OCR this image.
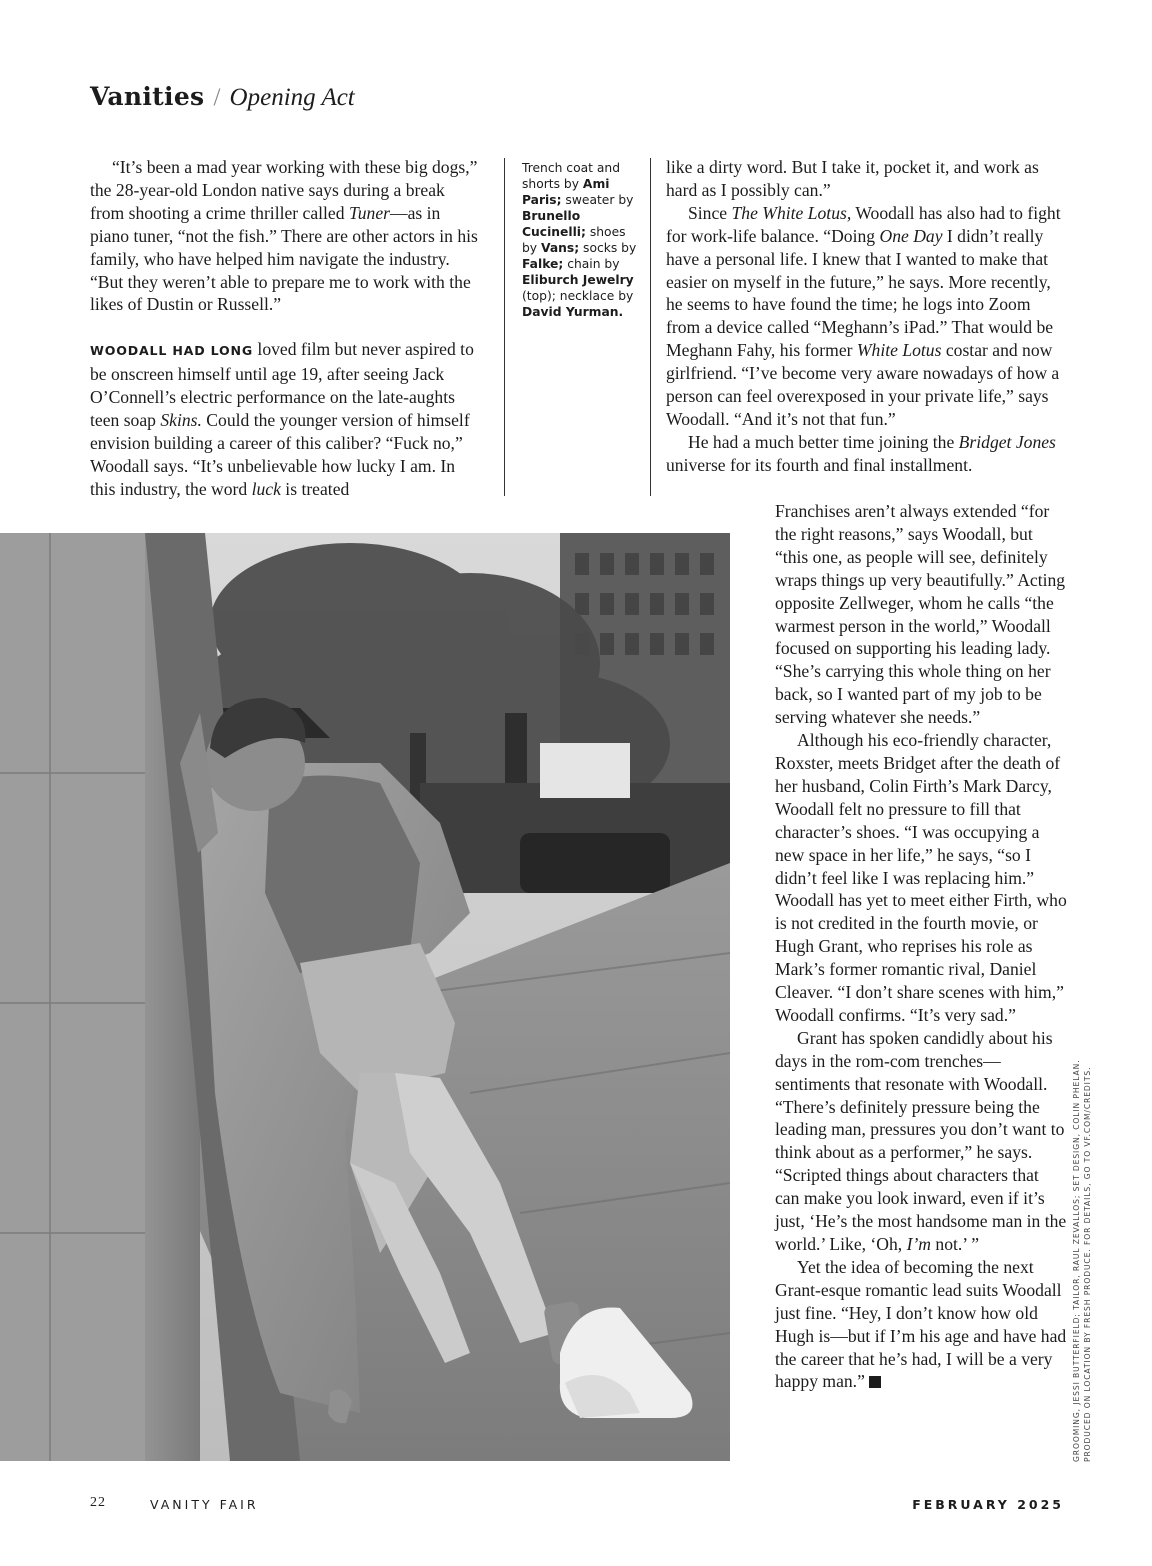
Vanities / Opening Act

“It’s been a mad year working with these big dogs,” the 28-year-old London native says during a break from shooting a crime thriller called Tuner—as in piano tuner, “not the fish.” There are other actors in his family, who have helped him navigate the industry. “But they weren’t able to prepare me to work with the likes of Dustin or Russell.”

WOODALL HAD LONG loved film but never aspired to be onscreen himself until age 19, after seeing Jack O’Connell’s electric performance on the late-aughts teen soap Skins. Could the younger version of himself envision building a career of this caliber? “Fuck no,” Woodall says. “It’s unbelievable how lucky I am. In this industry, the word luck is treated

Trench coat and shorts by Ami Paris; sweater by Brunello Cucinelli; shoes by Vans; socks by Falke; chain by Eliburch Jewelry (top); necklace by David Yurman.

like a dirty word. But I take it, pocket it, and work as hard as I possibly can.”

Since The White Lotus, Woodall has also had to fight for work-life balance. “Doing One Day I didn’t really have a personal life. I knew that I wanted to make that easier on myself in the future,” he says. More recently, he seems to have found the time; he logs into Zoom from a device called “Meghann’s iPad.” That would be Meghann Fahy, his former White Lotus costar and now girlfriend. “I’ve become very aware nowadays of how a person can feel overexposed in your private life,” says Woodall. “And it’s not that fun.”

He had a much better time joining the Bridget Jones universe for its fourth and final installment.

Franchises aren’t always extended “for the right reasons,” says Woodall, but “this one, as people will see, definitely wraps things up very beautifully.” Acting opposite Zellweger, whom he calls “the warmest person in the world,” Woodall focused on supporting his leading lady. “She’s carrying this whole thing on her back, so I wanted part of my job to be serving whatever she needs.”

Although his eco-friendly character, Roxster, meets Bridget after the death of her husband, Colin Firth’s Mark Darcy, Woodall felt no pressure to fill that character’s shoes. “I was occupying a new space in her life,” he says, “so I didn’t feel like I was replacing him.” Woodall has yet to meet either Firth, who is not credited in the fourth movie, or Hugh Grant, who reprises his role as Mark’s former romantic rival, Daniel Cleaver. “I don’t share scenes with him,” Woodall confirms. “It’s very sad.”

Grant has spoken candidly about his days in the rom-com trenches—sentiments that resonate with Woodall. “There’s definitely pressure being the leading man, pressures you don’t want to think about as a performer,” he says. “Scripted things about characters that can make you look inward, even if it’s just, ‘He’s the most handsome man in the world.’ Like, ‘Oh, I’m not.’ ”

Yet the idea of becoming the next Grant-esque romantic lead suits Woodall just fine. “Hey, I don’t know how old Hugh is—but if I’m his age and have had the career that he’s had, I will be a very happy man.”	GROOMING, JESSI BUTTERFIELD; TAILOR, RAUL ZEVALLOS; SET DESIGN, COLIN PHELAN. PRODUCED ON LOCATION BY FRESH PRODUCE. FOR DETAILS, GO TO VF.COM/CREDITS.
22	VANITY FAIR	FEBRUARY 2025
